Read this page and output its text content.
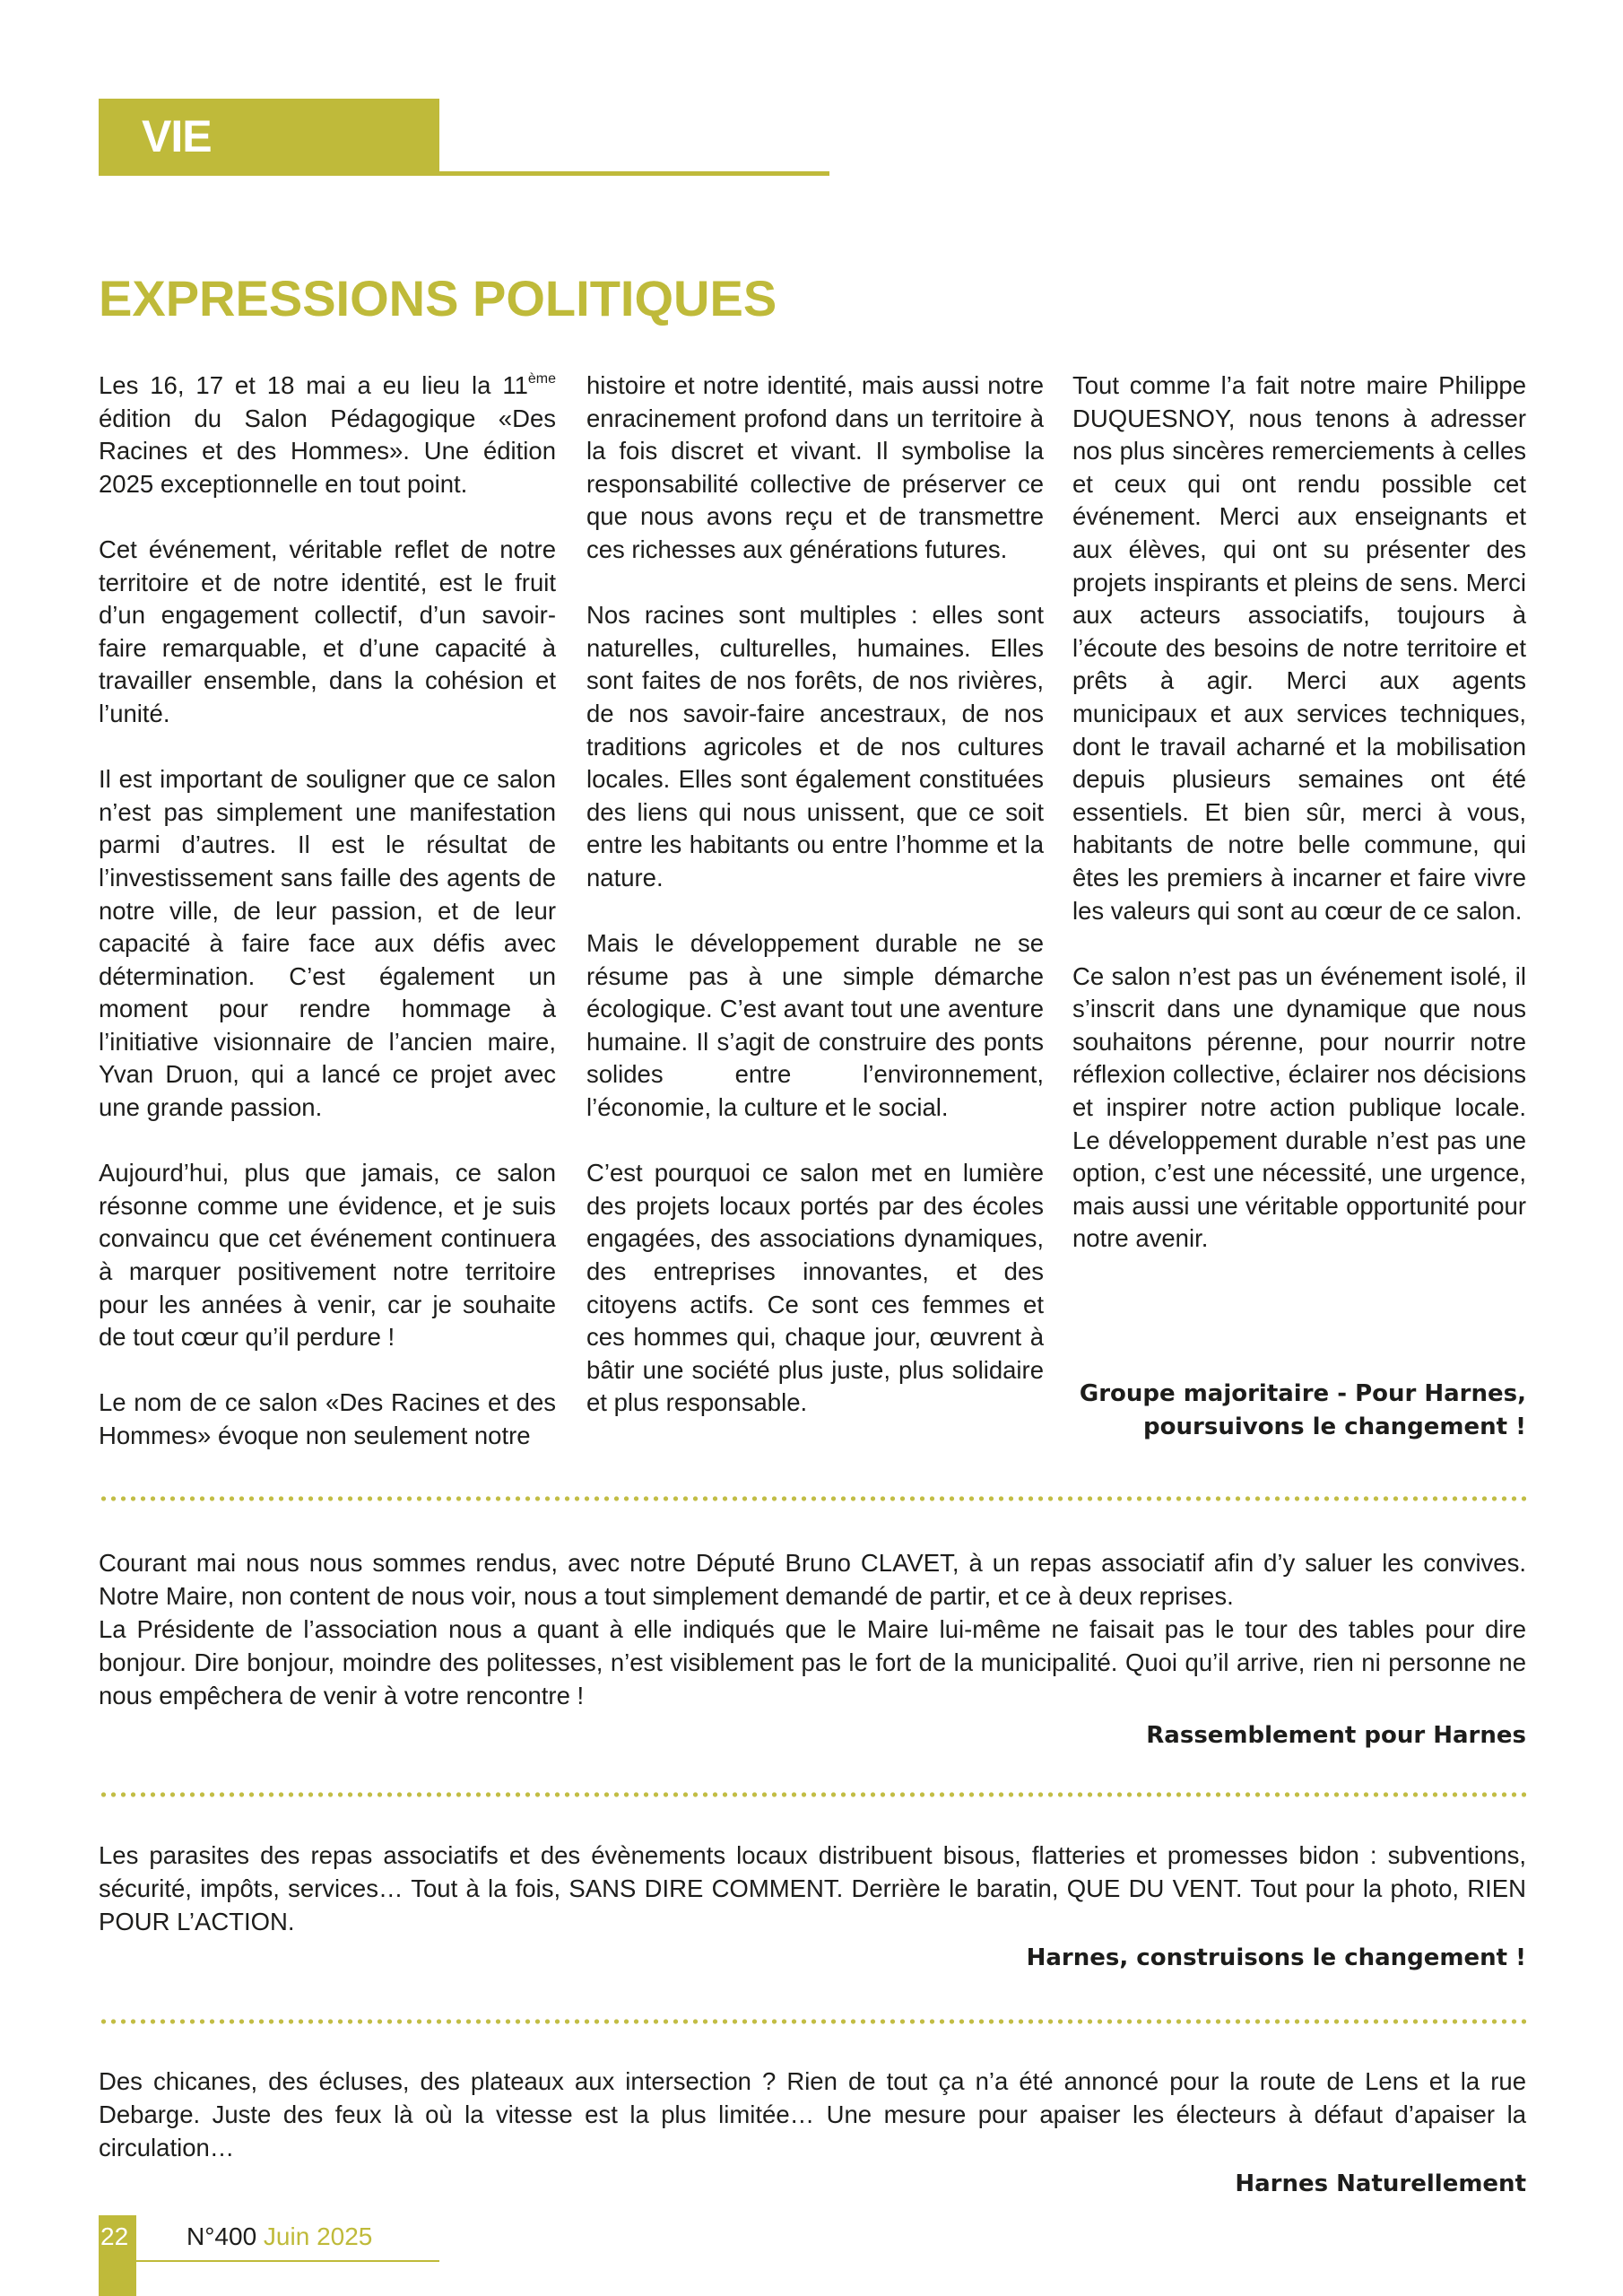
VIE MUNICIPALE
EXPRESSIONS POLITIQUES

Les 16, 17 et 18 mai a eu lieu la 11ème édition du Salon Pédagogique «Des Racines et des Hommes». Une édition 2025 exceptionnelle en tout point.

Cet événement, véritable reflet de notre territoire et de notre identité, est le fruit d’un engagement collectif, d’un savoir-faire remarquable, et d’une capacité à travailler ensemble, dans la cohésion et l’unité.

Il est important de souligner que ce salon n’est pas simplement une manifestation parmi d’autres. Il est le résultat de l’investissement sans faille des agents de notre ville, de leur passion, et de leur capacité à faire face aux défis avec détermination. C’est également un moment pour rendre hommage à l’initiative visionnaire de l’ancien maire, Yvan Druon, qui a lancé ce projet avec une grande passion.

Aujourd’hui, plus que jamais, ce salon résonne comme une évidence, et je suis convaincu que cet événement continuera à marquer positivement notre territoire pour les années à venir, car je souhaite de tout cœur qu’il perdure !

Le nom de ce salon «Des Racines et des Hommes» évoque non seulement notre

histoire et notre identité, mais aussi notre enracinement profond dans un territoire à la fois discret et vivant. Il symbolise la responsabilité collective de préserver ce que nous avons reçu et de transmettre ces richesses aux générations futures.

Nos racines sont multiples : elles sont naturelles, culturelles, humaines. Elles sont faites de nos forêts, de nos rivières, de nos savoir-faire ancestraux, de nos traditions agricoles et de nos cultures locales. Elles sont également constituées des liens qui nous unissent, que ce soit entre les habitants ou entre l’homme et la nature.

Mais le développement durable ne se résume pas à une simple démarche écologique. C’est avant tout une aventure humaine. Il s’agit de construire des ponts solides entre l’environnement, l’économie, la culture et le social.

C’est pourquoi ce salon met en lumière des projets locaux portés par des écoles engagées, des associations dynamiques, des entreprises innovantes, et des citoyens actifs. Ce sont ces femmes et ces hommes qui, chaque jour, œuvrent à bâtir une société plus juste, plus solidaire et plus responsable.

Tout comme l’a fait notre maire Philippe DUQUESNOY, nous tenons à adresser nos plus sincères remerciements à celles et ceux qui ont rendu possible cet événement. Merci aux enseignants et aux élèves, qui ont su présenter des projets inspirants et pleins de sens. Merci aux acteurs associatifs, toujours à l’écoute des besoins de notre territoire et prêts à agir. Merci aux agents municipaux et aux services techniques, dont le travail acharné et la mobilisation depuis plusieurs semaines ont été essentiels. Et bien sûr, merci à vous, habitants de notre belle commune, qui êtes les premiers à incarner et faire vivre les valeurs qui sont au cœur de ce salon.

Ce salon n’est pas un événement isolé, il s’inscrit dans une dynamique que nous souhaitons pérenne, pour nourrir notre réflexion collective, éclairer nos décisions et inspirer notre action publique locale. Le développement durable n’est pas une option, c’est une nécessité, une urgence, mais aussi une véritable opportunité pour notre avenir.

Groupe majoritaire - Pour Harnes,
poursuivons le changement !

Courant mai nous nous sommes rendus, avec notre Député Bruno CLAVET, à un repas associatif afin d’y saluer les convives. Notre Maire, non content de nous voir, nous a tout simplement demandé de partir, et ce à deux reprises.

La Présidente de l’association nous a quant à elle indiqués que le Maire lui-même ne faisait pas le tour des tables pour dire bonjour. Dire bonjour, moindre des politesses, n’est visiblement pas le fort de la municipalité. Quoi qu’il arrive, rien ni personne ne nous empêchera de venir à votre rencontre !

Rassemblement pour Harnes

Les parasites des repas associatifs et des évènements locaux distribuent bisous, flatteries et promesses bidon : subventions, sécurité, impôts, services… Tout à la fois, SANS DIRE COMMENT. Derrière le baratin, QUE DU VENT. Tout pour la photo, RIEN POUR L’ACTION.

Harnes, construisons le changement !

Des chicanes, des écluses, des plateaux aux intersection ? Rien de tout ça n’a été annoncé pour la route de Lens et la rue Debarge. Juste des feux là où la vitesse est la plus limitée… Une mesure pour apaiser les électeurs à défaut d’apaiser la circulation…

Harnes Naturellement
22 N°400 Juin 2025
